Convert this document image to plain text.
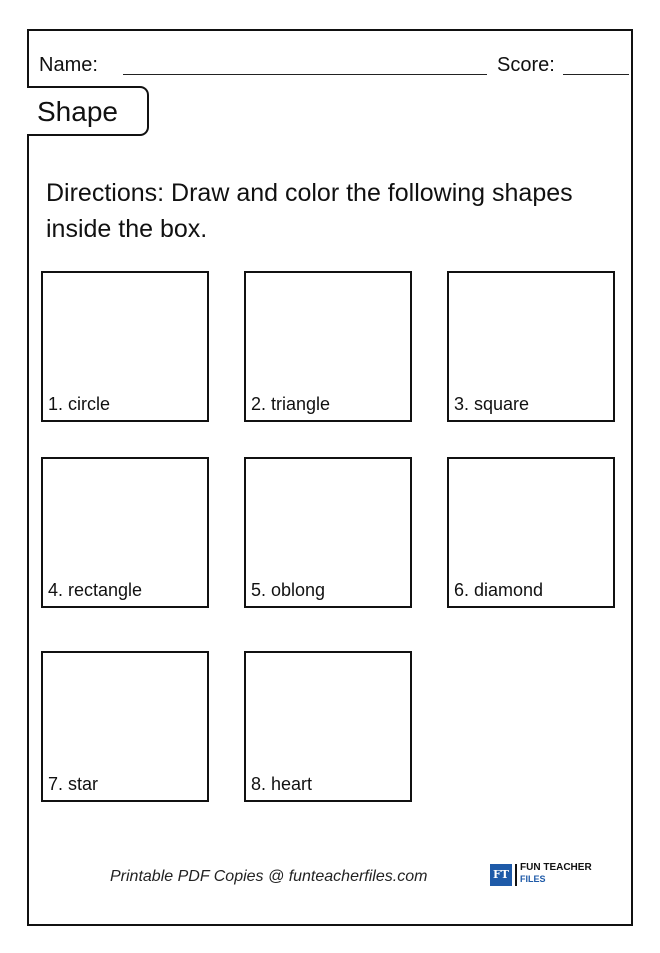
Name:	Score:
Shape
Directions: Draw and color the following shapes inside the box.
1. circle	2. triangle	3. square
4. rectangle	5. oblong	6. diamond
7. star	8. heart
Printable PDF Copies @ funteacherfiles.com	FT
FUN TEACHER
FILES
